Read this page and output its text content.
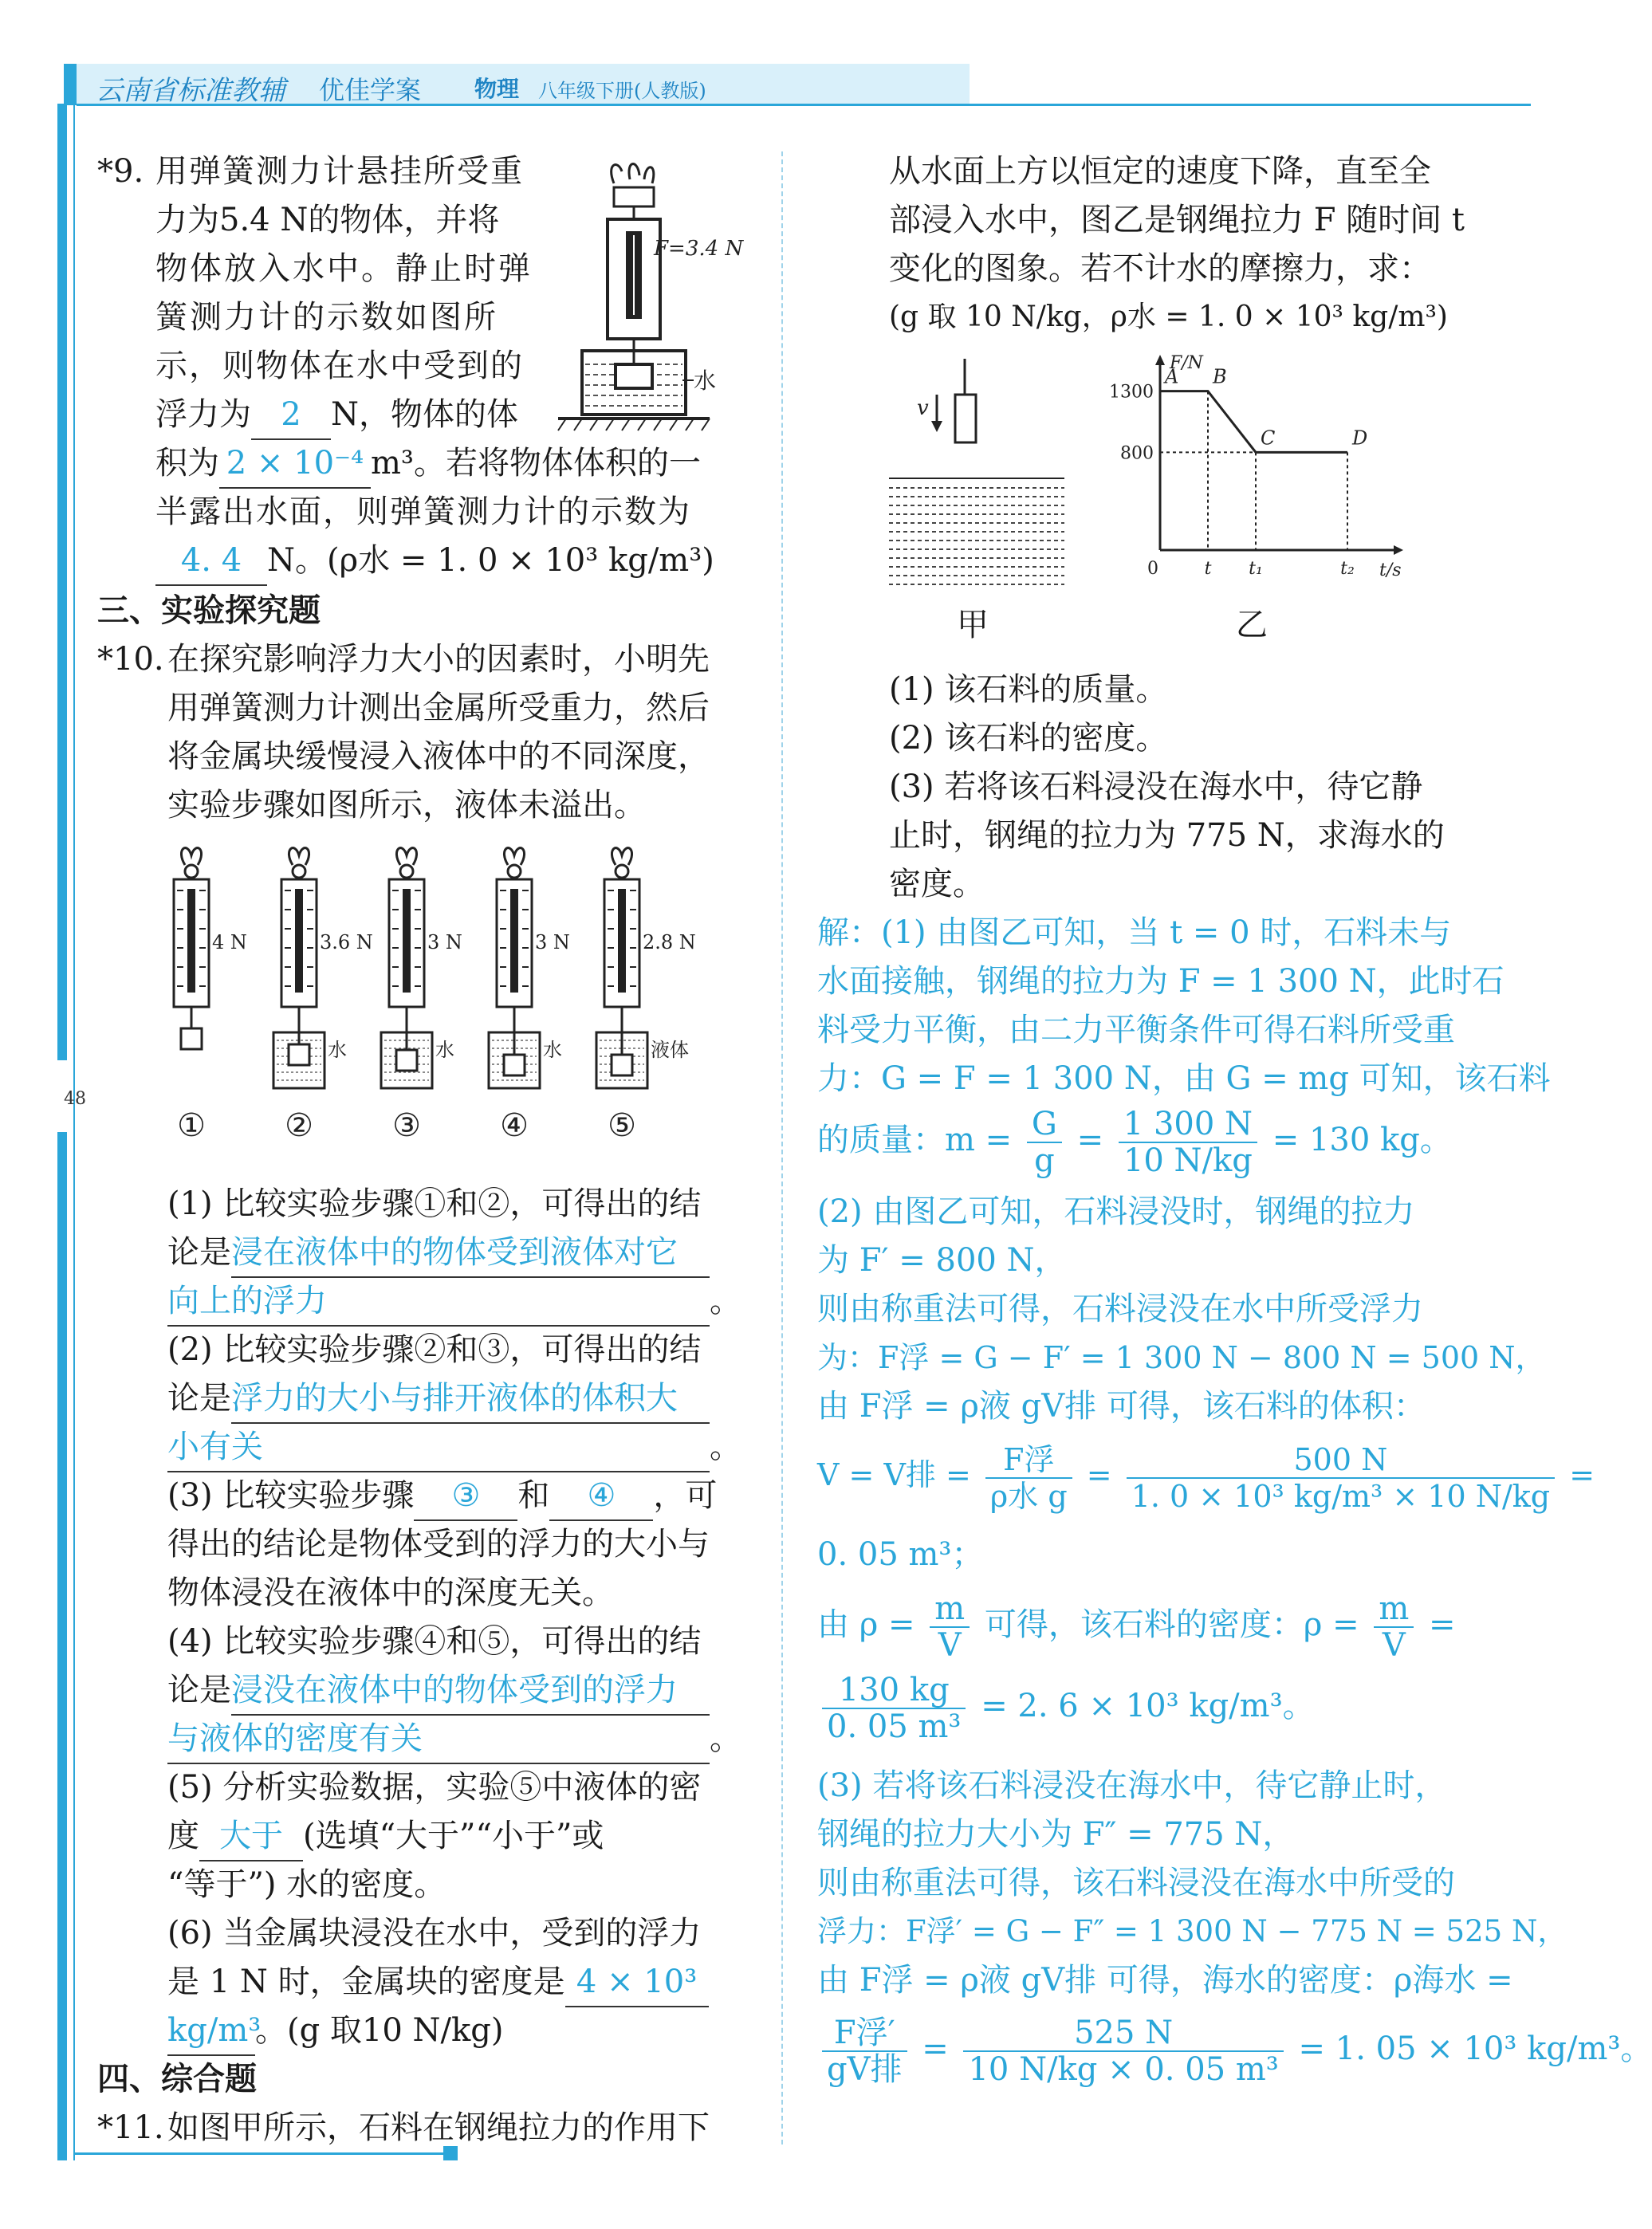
云南省标准教辅 优佳学案 物理 八年级下册(人教版)
48
*9. 用弹簧测力计悬挂所受重
力为5.4 N的物体，并将
物体放入水中。静止时弹
簧测力计的示数如图所
示，则物体在水中受到的
浮力为 2 N，物体的体
积为 2 × 10⁻⁴ m³。若将物体体积的一
半露出水面，则弹簧测力计的示数为
4. 4 N。(ρ水 = 1. 0 × 10³ kg/m³)
F=3.4 N
水
三、实验探究题
*10. 在探究影响浮力大小的因素时，小明先
用弹簧测力计测出金属所受重力，然后
将金属块缓慢浸入液体中的不同深度，
实验步骤如图所示，液体未溢出。
4 N
①
3.6 N
水
②
3 N
水
③
3 N
水
④
2.8 N
液体
⑤
(1) 比较实验步骤①和②，可得出的结
论是浸在液体中的物体受到液体对它
向上的浮力	。
(2) 比较实验步骤②和③，可得出的结
论是浮力的大小与排开液体的体积大
小有关	。
(3) 比较实验步骤 ③ 和 ④ ，可
得出的结论是物体受到的浮力的大小与
物体浸没在液体中的深度无关。
(4) 比较实验步骤④和⑤，可得出的结
论是浸没在液体中的物体受到的浮力
与液体的密度有关	。
(5) 分析实验数据，实验⑤中液体的密
度 大于 (选填“大于”“小于”或
“等于”) 水的密度。
(6) 当金属块浸没在水中，受到的浮力
是 1 N 时，金属块的密度是 4 × 10³
kg/m³。(g 取10 N/kg)
四、综合题
*11. 如图甲所示，石料在钢绳拉力的作用下
从水面上方以恒定的速度下降，直至全
部浸入水中，图乙是钢绳拉力 F 随时间 t
变化的图象。若不计水的摩擦力，求：
(g 取 10 N/kg，ρ水 = 1. 0 × 10³ kg/m³)
v
甲
F/N
t/s
1300
800
0	t t₁	t₂
A B
C	D
乙
(1) 该石料的质量。
(2) 该石料的密度。
(3) 若将该石料浸没在海水中，待它静
止时，钢绳的拉力为 775 N，求海水的
密度。
解：(1) 由图乙可知，当 t = 0 时，石料未与
水面接触，钢绳的拉力为 F = 1 300 N，此时石
料受力平衡，由二力平衡条件可得石料所受重
力：G = F = 1 300 N，由 G = mg 可知，该石料
的质量：$m = \frac{G}{g} = \frac{1 300 N}{10 N/kg} = 130$ kg。
(2) 由图乙可知，石料浸没时，钢绳的拉力
为 F′ = 800 N，
则由称重法可得，石料浸没在水中所受浮力
为：F浮 = G − F′ = 1 300 N − 800 N = 500 N，
由 F浮 = ρ液 gV排 可得，该石料的体积：
V = V排 = $\frac{\text{F浮}}{\text{ρ水 g}} = \frac{500 N}{\text{1. 0 × 10³ kg/m³ × 10 N/kg}}$ =
0. 05 m³；
由 $\rho = \frac{m}{V}$ 可得，该石料的密度：$\rho = \frac{m}{V}$ =
$\frac{130 kg}{\text{0. 05 m³}} = 2$. 6 × 10³ kg/m³。
(3) 若将该石料浸没在海水中，待它静止时，
钢绳的拉力大小为 F″ = 775 N，
则由称重法可得，该石料浸没在海水中所受的
浮力：F浮′ = G − F″ = 1 300 N − 775 N = 525 N，
由 F浮 = ρ液 gV排 可得，海水的密度：ρ海水 =
$\frac{\text{F浮′}}{\text{gV排}} = \frac{525 N}{\text{10 N/kg × 0. 05 m³}} = 1$. 05 × 10³ kg/m³。
